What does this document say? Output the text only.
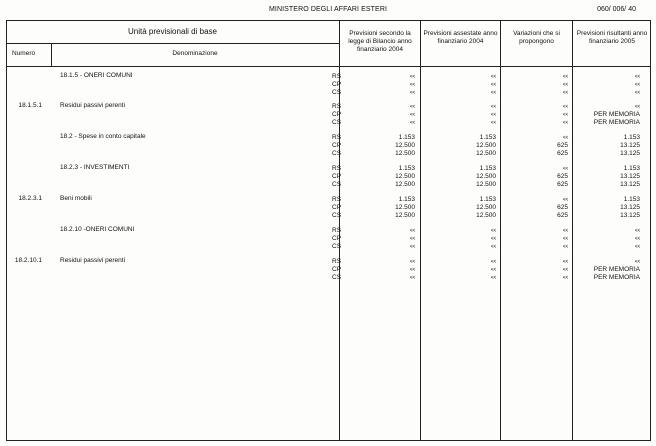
MINISTERO DEGLI AFFARI ESTERI	060/ 006/ 40
Unità previsionali di base
Numero	Denominazione
Previsioni secondo la legge di Bilancio anno finanziario 2004
Previsioni assestate anno finanziario 2004
Variazioni che si propongono
Previsioni risultanti anno finanziario 2005
18.1.5 - ONERI COMUNI	RS	<<	<<	<<	<<
CP	<<	<<	<<	<<
CS	<<	<<	<<	<<
18.1.5.1	Residui passivi perenti	RS	<<	<<	<<	<<
CP	<<	<<	<<	PER MEMORIA
CS	<<	<<	<<	PER MEMORIA
18.2 - Spese in conto capitale	RS	1.153	1.153	<<	1.153
CP	12.500	12.500	625	13.125
CS	12.500	12.500	625	13.125
18.2.3 - INVESTIMENTI	RS	1.153	1.153	<<	1.153
CP	12.500	12.500	625	13.125
CS	12.500	12.500	625	13.125
18.2.3.1	Beni mobili	RS	1.153	1.153	<<	1.153
CP	12.500	12.500	625	13.125
CS	12.500	12.500	625	13.125
18.2.10 -ONERI COMUNI	RS	<<	<<	<<	<<
CP	<<	<<	<<	<<
CS	<<	<<	<<	<<
18.2.10.1	Residui passivi perenti	RS	<<	<<	<<	<<
CP	<<	<<	<<	PER MEMORIA
CS	<<	<<	<<	PER MEMORIA
